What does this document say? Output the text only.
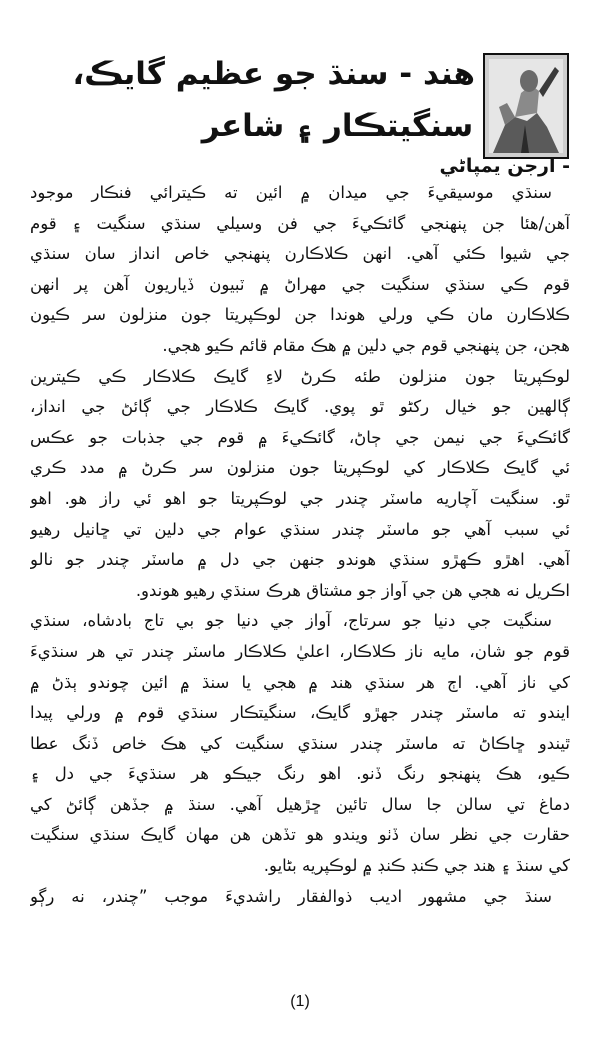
هند - سنڌ جو عظيم گايڪ،
سنگيتڪار ۽ شاعر
- ارجن يمپاڻي
سنڌي موسيقيءَ جي ميدان ۾ ائين ته ڪيترائي فنڪار موجود
آهن/هئا جن پنهنجي گائڪيءَ جي فن وسيلي سنڌي سنگيت ۽ قوم
جي شيوا ڪئي آهي. انهن ڪلاڪارن پنهنجي خاص انداز سان سنڌي
قوم ڪي سنڌي سنگيت جي مهراڻ ۾ ٽبيون ڏياريون آهن پر انهن
ڪلاڪارن مان ڪي ورلي هوندا جن لوڪپريتا جون منزلون سر ڪيون
هجن، جن پنهنجي قوم جي دلين ۾ هڪ مقام قائم ڪيو هجي.
لوڪپريتا جون منزلون طئه ڪرڻ لاءِ گايڪ ڪلاڪار ڪي ڪيترين
ڳالهين جو خيال رکڻو ٿو پوي. گايڪ ڪلاڪار جي ڳائڻ جي انداز،
گائڪيءَ جي نيمن جي ڄاڻ، گائڪيءَ ۾ قوم جي جذبات جو عڪس
ئي گايڪ ڪلاڪار کي لوڪپريتا جون منزلون سر ڪرڻ ۾ مدد ڪري
ٿو. سنگيت آچاريه ماسٽر چندر جي لوڪپريتا جو اهو ئي راز هو. اهو
ئي سبب آهي جو ماسٽر چندر سنڌي عوام جي دلين تي ڇانيل رهيو
آهي. اهڙو ڪهڙو سنڌي هوندو جنهن جي دل ۾ ماسٽر چندر جو نالو
اڪريل نه هجي هن جي آواز جو مشتاق هرڪ سنڌي رهيو هوندو.
سنگيت جي دنيا جو سرتاج، آواز جي دنيا جو بي تاج بادشاه، سنڌي
قوم جو شان، مايه ناز ڪلاڪار، اعليٰ ڪلاڪار ماسٽر چندر تي هر سنڌيءَ
کي ناز آهي. اڄ هر سنڌي هند ۾ هجي يا سنڌ ۾ ائين چوندو ٻڌڻ ۾
ايندو ته ماسٽر چندر جهڙو گايڪ، سنگيتڪار سنڌي قوم ۾ ورلي پيدا
ٿيندو ڇاڪاڻ ته ماسٽر چندر سنڌي سنگيت کي هڪ خاص ڏنگ عطا
ڪيو، هڪ پنهنجو رنگ ڏنو. اهو رنگ جيڪو هر سنڌيءَ جي دل ۽
دماغ تي سالن جا سال تائين ڇڙهيل آهي. سنڌ ۾ جڏهن ڳائڻ کي
حقارت جي نظر سان ڏٺو ويندو هو تڏهن هن مهان گايڪ سنڌي سنگيت
کي سنڌ ۽ هند جي ڪنڊ ڪنڊ ۾ لوڪپريه بڻايو.
سنڌ جي مشهور اديب ذوالفقار راشديءَ موجب ”چندر، نه رڳو
(1)
